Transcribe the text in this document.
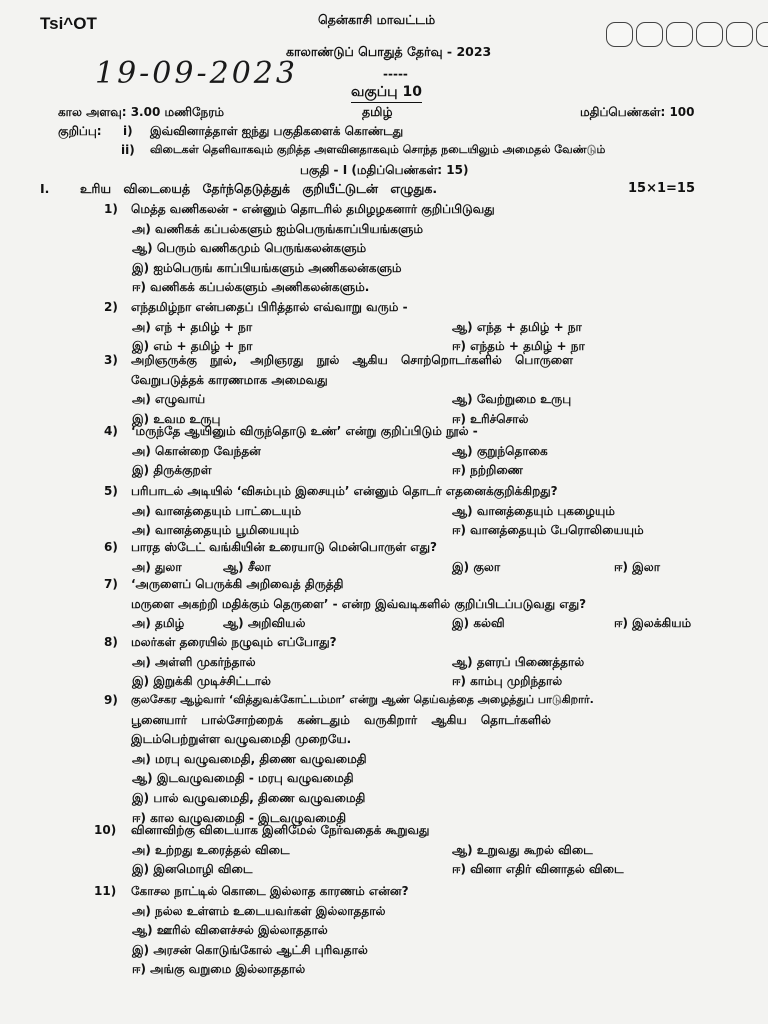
Tsi^OT
19-09-2023
தென்காசி மாவட்டம்
காலாண்டுப் பொதுத் தேர்வு - 2023
-----
வகுப்பு 10
தமிழ்
கால அளவு: 3.00 மணிநேரம்	மதிப்பெண்கள்: 100
குறிப்பு: i) இவ்வினாத்தாள் ஐந்து பகுதிகளைக் கொண்டது
ii) விடைகள் தெளிவாகவும் குறித்த அளவினதாகவும் சொந்த நடையிலும் அமைதல் வேண்டும்
பகுதி - I (மதிப்பெண்கள்: 15)
I. உரிய விடையைத் தேர்ந்தெடுத்துக் குறியீட்டுடன் எழுதுக.	15×1=15
1) மெத்த வணிகலன் - என்னும் தொடரில் தமிழழகனார் குறிப்பிடுவது
அ) வணிகக் கப்பல்களும் ஐம்பெருங்காப்பியங்களும்
ஆ) பெரும் வணிகமும் பெருங்கலன்களும்
இ) ஐம்பெருங் காப்பியங்களும் அணிகலன்களும்
ஈ) வணிகக் கப்பல்களும் அணிகலன்களும்.
2) எந்தமிழ்நா என்பதைப் பிரித்தால் எவ்வாறு வரும் -
அ) எந் + தமிழ் + நா	ஆ) எந்த + தமிழ் + நா
இ) எம் + தமிழ் + நா	ஈ) எந்தம் + தமிழ் + நா
3) அறிஞருக்கு நூல், அறிஞரது நூல் ஆகிய சொற்றொடர்களில் பொருளை
வேறுபடுத்தக் காரணமாக அமைவது
அ) எழுவாய்	ஆ) வேற்றுமை உருபு
இ) உவம உருபு	ஈ) உரிச்சொல்
4) ‘மருந்தே ஆயினும் விருந்தொடு உண்’ என்று குறிப்பிடும் நூல் -
அ) கொன்றை வேந்தன்	ஆ) குறுந்தொகை
இ) திருக்குறள்	ஈ) நற்றிணை
5) பரிபாடல் அடியில் ‘விசும்பும் இசையும்’ என்னும் தொடர் எதனைக்குறிக்கிறது?
அ) வானத்தையும் பாட்டையும்	ஆ) வானத்தையும் புகழையும்
அ) வானத்தையும் பூமியையும்	ஈ) வானத்தையும் பேரொலியையும்
6) பாரத ஸ்டேட் வங்கியின் உரையாடு மென்பொருள் எது?
அ) துலா	ஆ) சீலா	இ) குலா	ஈ) இலா
7) ‘அருளைப் பெருக்கி அறிவைத் திருத்தி
மருளை அகற்றி மதிக்கும் தெருளை’ - என்ற இவ்வடிகளில் குறிப்பிடப்படுவது எது?
அ) தமிழ்	ஆ) அறிவியல்	இ) கல்வி	ஈ) இலக்கியம்
8) மலர்கள் தரையில் நழுவும் எப்போது?
அ) அள்ளி முகர்ந்தால்	ஆ) தளரப் பிணைத்தால்
இ) இறுக்கி முடிச்சிட்டால்	ஈ) காம்பு முறிந்தால்
9) குலசேகர ஆழ்வார் ‘வித்துவக்கோட்டம்மா’ என்று ஆண் தெய்வத்தை அழைத்துப் பாடுகிறார்.
பூனையார் பால்சோற்றைக் கண்டதும் வருகிறார் ஆகிய தொடர்களில்
இடம்பெற்றுள்ள வழுவமைதி முறையே.
அ) மரபு வழுவமைதி, திணை வழுவமைதி
ஆ) இடவழுவமைதி - மரபு வழுவமைதி
இ) பால் வழுவமைதி, திணை வழுவமைதி
ஈ) கால வழுவமைதி - இடவழுவமைதி
10) வினாவிற்கு விடையாக இனிமேல் நேர்வதைக் கூறுவது
அ) உற்றது உரைத்தல் விடை	ஆ) உறுவது கூறல் விடை
இ) இனமொழி விடை	ஈ) வினா எதிர் வினாதல் விடை
11) கோசல நாட்டில் கொடை இல்லாத காரணம் என்ன?
அ) நல்ல உள்ளம் உடையவர்கள் இல்லாததால்
ஆ) ஊரில் விளைச்சல் இல்லாததால்
இ) அரசன் கொடுங்கோல் ஆட்சி புரிவதால்
ஈ) அங்கு வறுமை இல்லாததால்
